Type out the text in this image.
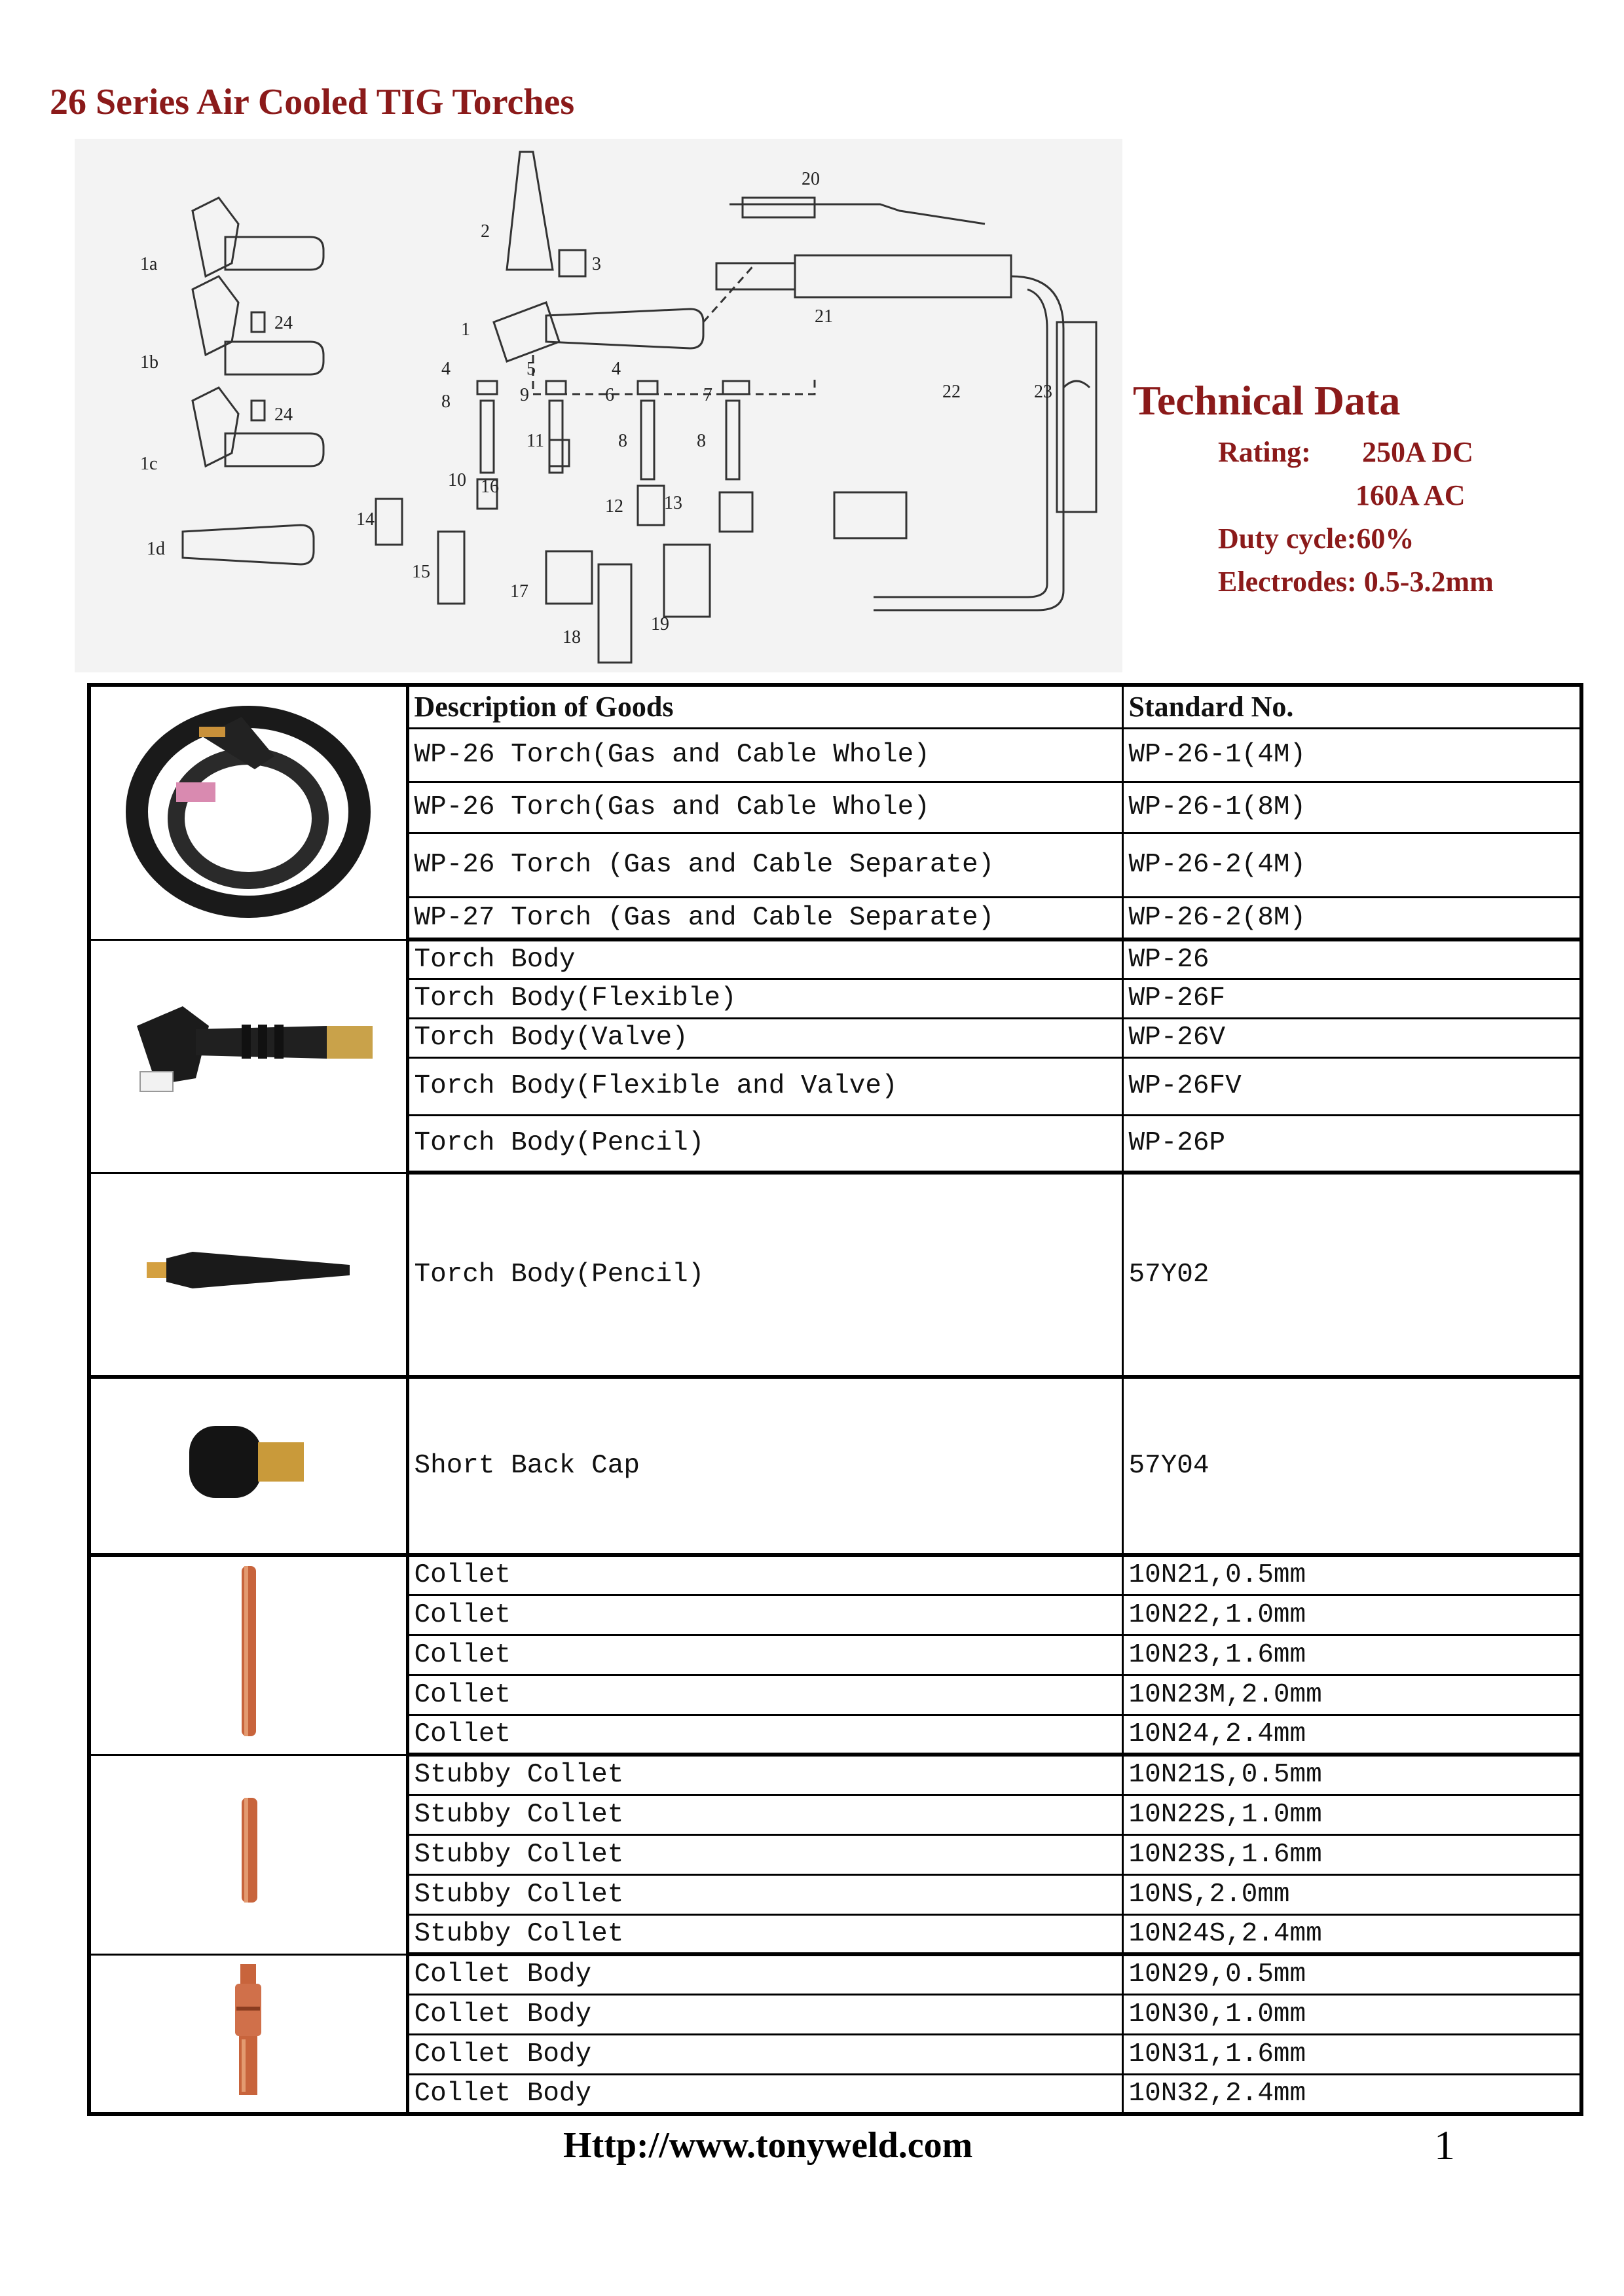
26 Series Air Cooled TIG Torches
1a
1b
1c
1d
1
2
3
4	5	4
6	7
8	9
8	8
10
11
12 13
14
15
16
17
18
19
20
21
22	23
24
24	Technical Data
Rating: 250A DC
160A AC
Duty cycle:60%
Electrodes: 0.5-3.2mm
	Description of Goods	Standard No.
	WP-26 Torch(Gas and Cable Whole)	WP-26-1(4M)
	WP-26 Torch(Gas and Cable Whole)	WP-26-1(8M)
	WP-26 Torch (Gas and Cable Separate)	WP-26-2(4M)
	WP-27 Torch (Gas and Cable Separate)	WP-26-2(8M)
	Torch Body	WP-26
	Torch Body(Flexible)	WP-26F
	Torch Body(Valve)	WP-26V
	Torch Body(Flexible and Valve)	WP-26FV
	Torch Body(Pencil)	WP-26P
	Torch Body(Pencil)	57Y02
	Short Back Cap	57Y04
	Collet	10N21,0.5mm
	Collet	10N22,1.0mm
	Collet	10N23,1.6mm
	Collet	10N23M,2.0mm
	Collet	10N24,2.4mm
	Stubby Collet	10N21S,0.5mm
	Stubby Collet	10N22S,1.0mm
	Stubby Collet	10N23S,1.6mm
	Stubby Collet	10NS,2.0mm
	Stubby Collet	10N24S,2.4mm
	Collet Body	10N29,0.5mm
	Collet Body	10N30,1.0mm
	Collet Body	10N31,1.6mm
	Collet Body	10N32,2.4mm
Http://www.tonyweld.com	1
